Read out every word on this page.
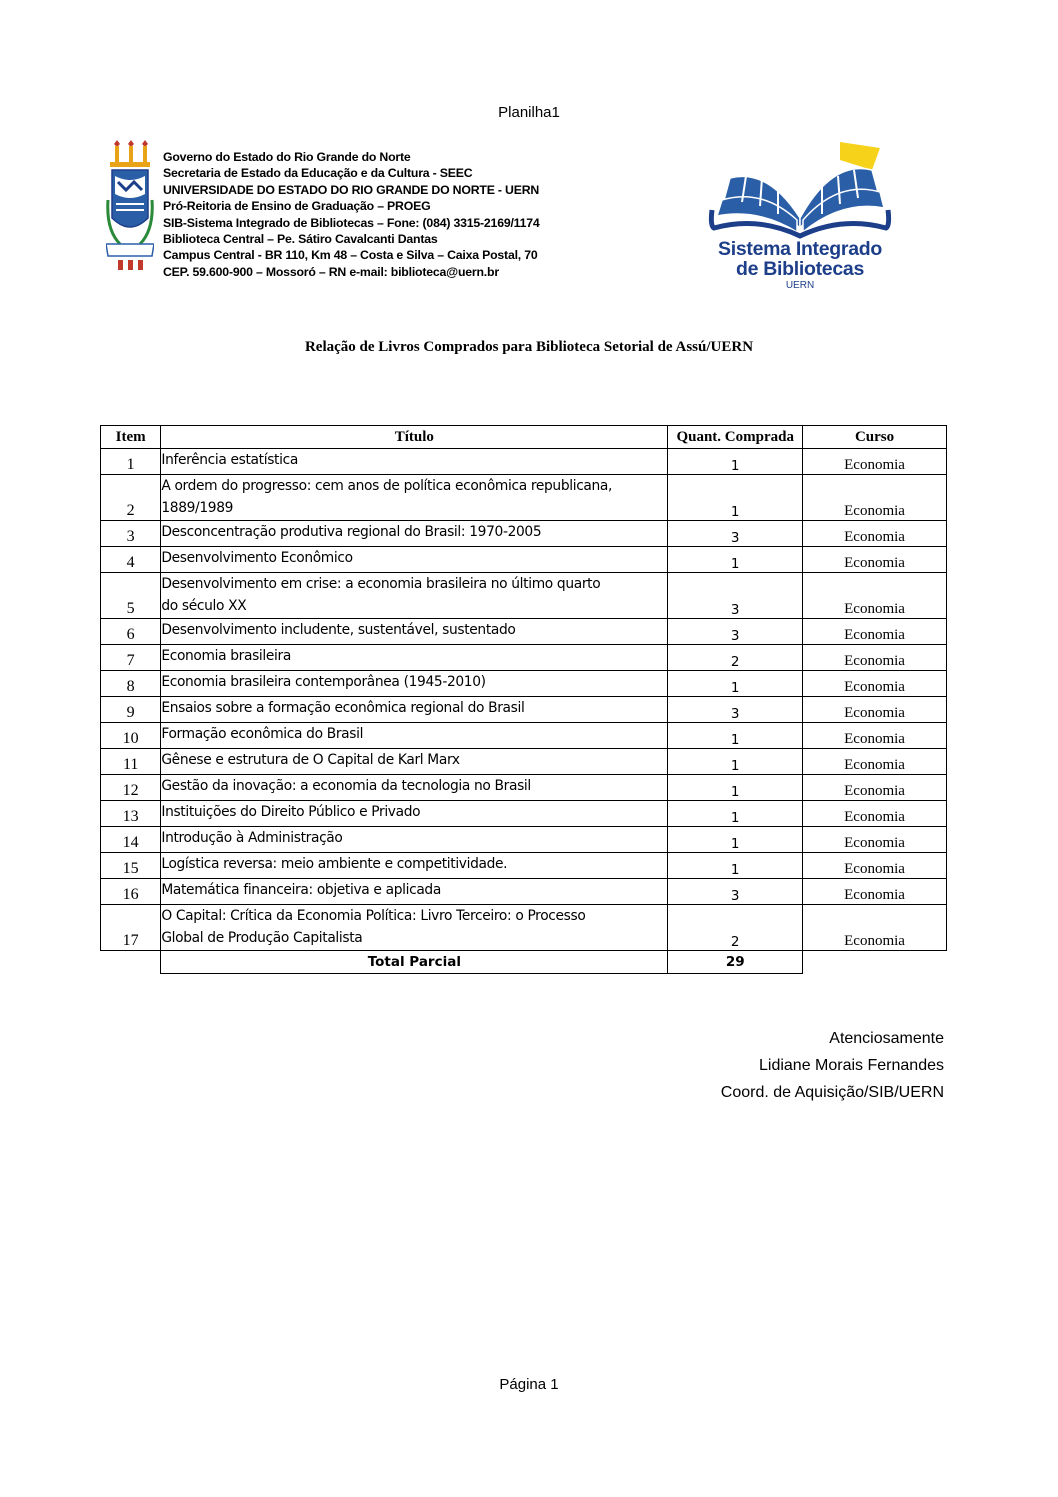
Planilha1
Governo do Estado do Rio Grande do Norte
Secretaria de Estado da Educação e da Cultura - SEEC
UNIVERSIDADE DO ESTADO DO RIO GRANDE DO NORTE - UERN
Pró-Reitoria de Ensino de Graduação – PROEG
SIB-Sistema Integrado de Bibliotecas – Fone: (084) 3315-2169/1174
Biblioteca Central – Pe. Sátiro Cavalcanti Dantas
Campus Central - BR 110, Km 48 – Costa e Silva – Caixa Postal, 70
CEP. 59.600-900 – Mossoró – RN e-mail: biblioteca@uern.br
Sistema Integrado
de Bibliotecas
UERN
Relação de Livros Comprados para Biblioteca Setorial de Assú/UERN
Item	Título	Quant. Comprada	Curso
1	Inferência estatística	1	Economia
2	A ordem do progresso: cem anos de política econômica republicana,
1889/1989	1	Economia
3	Desconcentração produtiva regional do Brasil: 1970-2005	3	Economia
4	Desenvolvimento Econômico	1	Economia
5	Desenvolvimento em crise: a economia brasileira no último quarto
do século XX	3	Economia
6	Desenvolvimento includente, sustentável, sustentado	3	Economia
7	Economia brasileira	2	Economia
8	Economia brasileira contemporânea (1945-2010)	1	Economia
9	Ensaios sobre a formação econômica regional do Brasil	3	Economia
10	Formação econômica do Brasil	1	Economia
11	Gênese e estrutura de O Capital de Karl Marx	1	Economia
12	Gestão da inovação: a economia da tecnologia no Brasil	1	Economia
13	Instituições do Direito Público e Privado	1	Economia
14	Introdução à Administração	1	Economia
15	Logística reversa: meio ambiente e competitividade.	1	Economia
16	Matemática financeira: objetiva e aplicada	3	Economia
17	O Capital: Crítica da Economia Política: Livro Terceiro: o Processo
Global de Produção Capitalista	2	Economia
	Total Parcial	29	
Atenciosamente
Lidiane Morais Fernandes
Coord. de Aquisição/SIB/UERN
Página 1
